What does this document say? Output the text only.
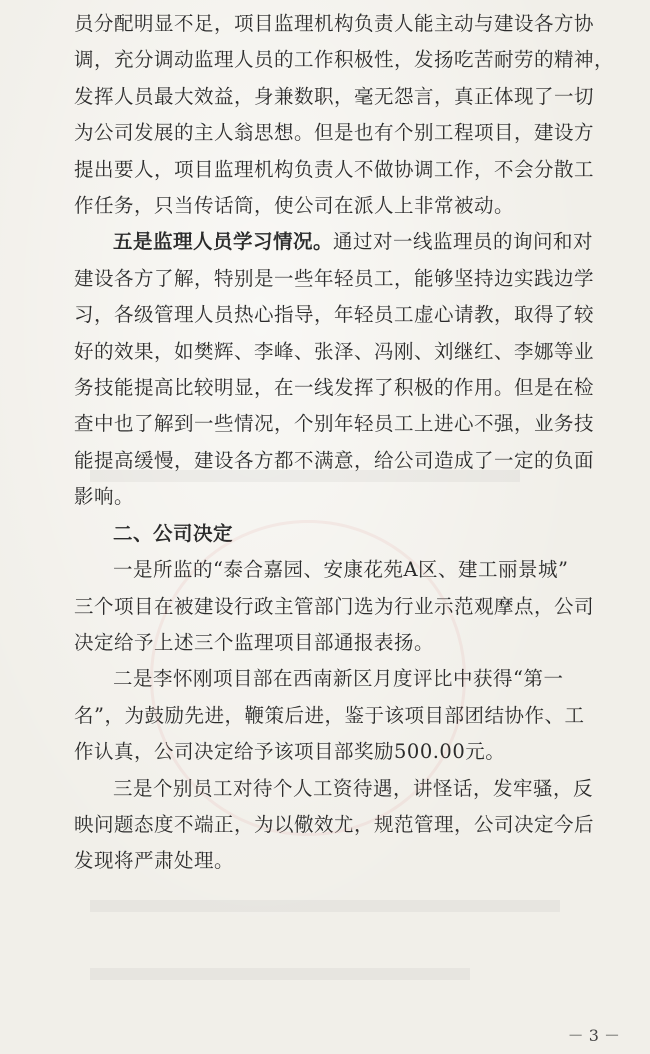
员分配明显不足，项目监理机构负责人能主动与建设各方协
调，充分调动监理人员的工作积极性，发扬吃苦耐劳的精神，
发挥人员最大效益，身兼数职，毫无怨言，真正体现了一切
为公司发展的主人翁思想。但是也有个别工程项目，建设方
提出要人，项目监理机构负责人不做协调工作，不会分散工
作任务，只当传话筒，使公司在派人上非常被动。
五是监理人员学习情况。通过对一线监理员的询问和对
建设各方了解，特别是一些年轻员工，能够坚持边实践边学
习，各级管理人员热心指导，年轻员工虚心请教，取得了较
好的效果，如樊辉、李峰、张泽、冯刚、刘继红、李娜等业
务技能提高比较明显，在一线发挥了积极的作用。但是在检
查中也了解到一些情况，个别年轻员工上进心不强，业务技
能提高缓慢，建设各方都不满意，给公司造成了一定的负面
影响。
二、公司决定
一是所监的“泰合嘉园、安康花苑A区、建工丽景城”
三个项目在被建设行政主管部门选为行业示范观摩点，公司
决定给予上述三个监理项目部通报表扬。
二是李怀刚项目部在西南新区月度评比中获得“第一
名”，为鼓励先进，鞭策后进，鉴于该项目部团结协作、工
作认真，公司决定给予该项目部奖励500.00元。
三是个别员工对待个人工资待遇，讲怪话，发牢骚，反
映问题态度不端正，为以儆效尤，规范管理，公司决定今后
发现将严肃处理。
－ 3 －
